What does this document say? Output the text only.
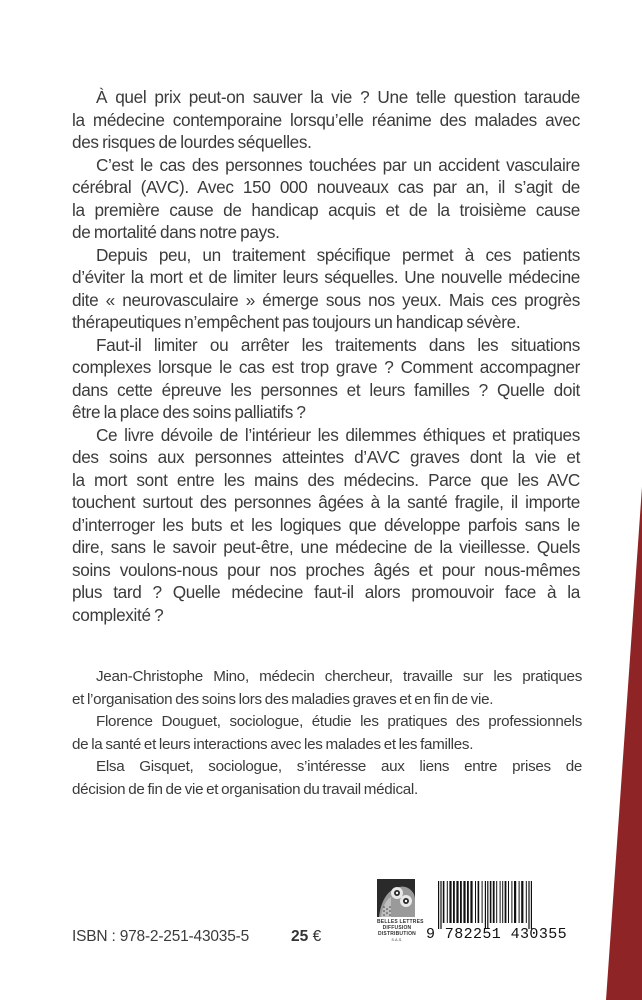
À quel prix peut-on sauver la vie ? Une telle question taraude
la médecine contemporaine lorsqu’elle réanime des malades avec
des risques de lourdes séquelles.
C’est le cas des personnes touchées par un accident vasculaire
cérébral (AVC). Avec 150 000 nouveaux cas par an, il s’agit de
la première cause de handicap acquis et de la troisième cause
de mortalité dans notre pays.
Depuis peu, un traitement spécifique permet à ces patients
d’éviter la mort et de limiter leurs séquelles. Une nouvelle médecine
dite « neurovasculaire » émerge sous nos yeux. Mais ces progrès
thérapeutiques n’empêchent pas toujours un handicap sévère.
Faut-il limiter ou arrêter les traitements dans les situations
complexes lorsque le cas est trop grave ? Comment accompagner
dans cette épreuve les personnes et leurs familles ? Quelle doit
être la place des soins palliatifs ?
Ce livre dévoile de l’intérieur les dilemmes éthiques et pratiques
des soins aux personnes atteintes d’AVC graves dont la vie et
la mort sont entre les mains des médecins. Parce que les AVC
touchent surtout des personnes âgées à la santé fragile, il importe
d’interroger les buts et les logiques que développe parfois sans le
dire, sans le savoir peut-être, une médecine de la vieillesse. Quels
soins voulons-nous pour nos proches âgés et pour nous-mêmes
plus tard ? Quelle médecine faut-il alors promouvoir face à la
complexité ?
Jean-Christophe Mino, médecin chercheur, travaille sur les pratiques
et l’organisation des soins lors des maladies graves et en fin de vie.
Florence Douguet, sociologue, étudie les pratiques des professionnels
de la santé et leurs interactions avec les malades et les familles.
Elsa Gisquet, sociologue, s’intéresse aux liens entre prises de
décision de fin de vie et organisation du travail médical.
ISBN : 978-2-251-43035-5	25 €
BELLES LETTRES
DIFFUSION
DISTRIBUTION
S.A.S.	9 782251 430355
